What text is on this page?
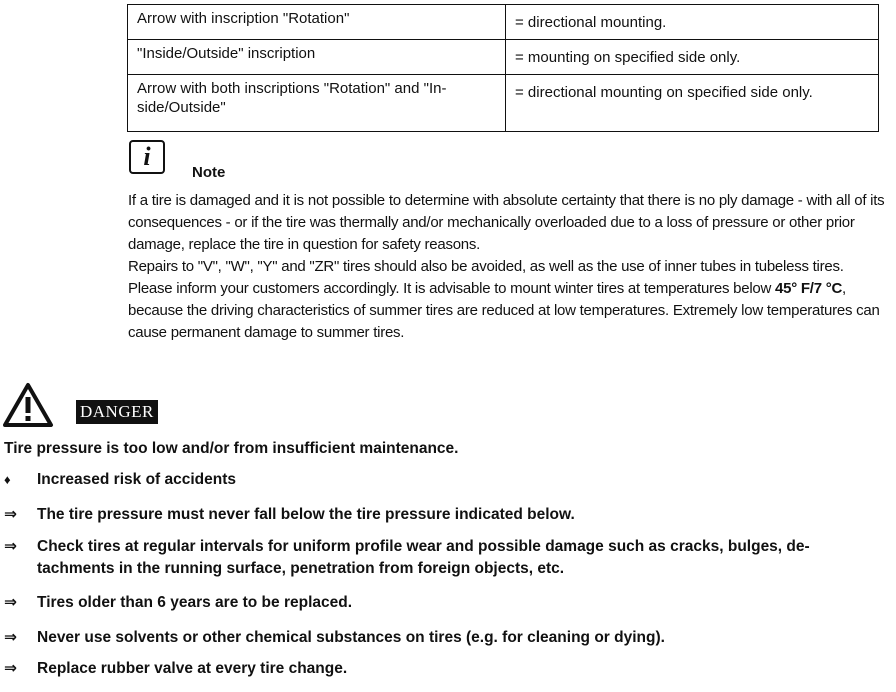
Arrow with inscription "Rotation"	= directional mounting.
"Inside/Outside" inscription	= mounting on specified side only.

Arrow with both inscriptions "Rotation" and "In-side/Outside"	= directional mounting on specified side only.
i
Note

If a tire is damaged and it is not possible to determine with absolute certainty that there is no ply damage - with all of its consequences - or if the tire was thermally and/or mechanically overloaded due to a loss of pressure or other prior damage, replace the tire in question for safety reasons.

Repairs to "V", "W", "Y" and "ZR" tires should also be avoided, as well as the use of inner tubes in tubeless tires. Please inform your customers accordingly. It is advisable to mount winter tires at temperatures below 45° F/7 °C, because the driving characteristics of summer tires are reduced at low temperatures. Extremely low temperatures can cause permanent damage to summer tires.

DANGER
Tire pressure is too low and/or from insufficient maintenance.
♦	Increased risk of accidents
⇒	The tire pressure must never fall below the tire pressure indicated below.
⇒	Check tires at regular intervals for uniform profile wear and possible damage such as cracks, bulges, de-tachments in the running surface, penetration from foreign objects, etc.
⇒	Tires older than 6 years are to be replaced.
⇒	Never use solvents or other chemical substances on tires (e.g. for cleaning or dying).
⇒	Replace rubber valve at every tire change.
